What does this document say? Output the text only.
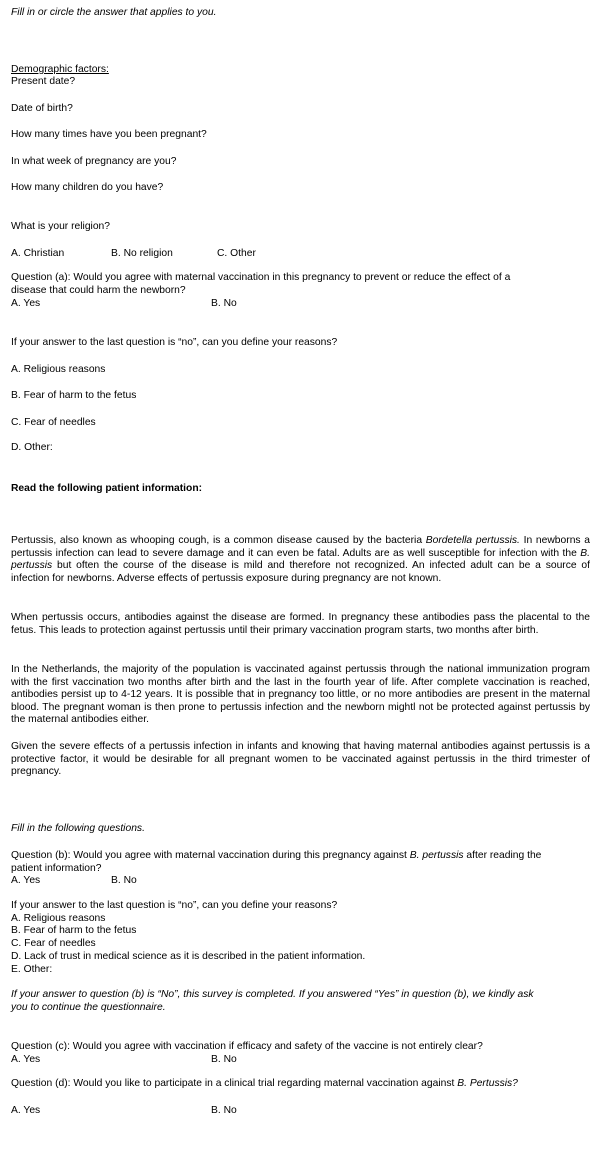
Fill in or circle the answer that applies to you.
Demographic factors:
Present date?
Date of birth?
How many times have you been pregnant?
In what week of pregnancy are you?
How many children do you have?
What is your religion?
A. Christian	B. No religion	C. Other
Question (a): Would you agree with maternal vaccination in this pregnancy to prevent or reduce the effect of a
disease that could harm the newborn?
A. Yes	B. No
If your answer to the last question is “no”, can you define your reasons?
A. Religious reasons
B. Fear of harm to the fetus
C. Fear of needles
D. Other:
Read the following patient information:
Pertussis, also known as whooping cough, is a common disease caused by the bacteria Bordetella pertussis. In newborns a pertussis infection can lead to severe damage and it can even be fatal. Adults are as well susceptible for infection with the B. pertussis but often the course of the disease is mild and therefore not recognized. An infected adult can be a source of infection for newborns. Adverse effects of pertussis exposure during pregnancy are not known.
When pertussis occurs, antibodies against the disease are formed. In pregnancy these antibodies pass the placental to the fetus. This leads to protection against pertussis until their primary vaccination program starts, two months after birth.
In the Netherlands, the majority of the population is vaccinated against pertussis through the national immunization program with the first vaccination two months after birth and the last in the fourth year of life. After complete vaccination is reached, antibodies persist up to 4-12 years. It is possible that in pregnancy too little, or no more antibodies are present in the maternal blood. The pregnant woman is then prone to pertussis infection and the newborn mightl not be protected against pertussis by the maternal antibodies either.
Given the severe effects of a pertussis infection in infants and knowing that having maternal antibodies against pertussis is a protective factor, it would be desirable for all pregnant women to be vaccinated against pertussis in the third trimester of pregnancy.
Fill in the following questions.
Question (b): Would you agree with maternal vaccination during this pregnancy against B. pertussis after reading the
patient information?
A. Yes	B. No
If your answer to the last question is “no”, can you define your reasons?
A. Religious reasons
B. Fear of harm to the fetus
C. Fear of needles
D. Lack of trust in medical science as it is described in the patient information.
E. Other:
If your answer to question (b) is “No”, this survey is completed. If you answered “Yes” in question (b), we kindly ask
you to continue the questionnaire.
Question (c): Would you agree with vaccination if efficacy and safety of the vaccine is not entirely clear?
A. Yes	B. No
Question (d): Would you like to participate in a clinical trial regarding maternal vaccination against B. Pertussis?
A. Yes	B. No
